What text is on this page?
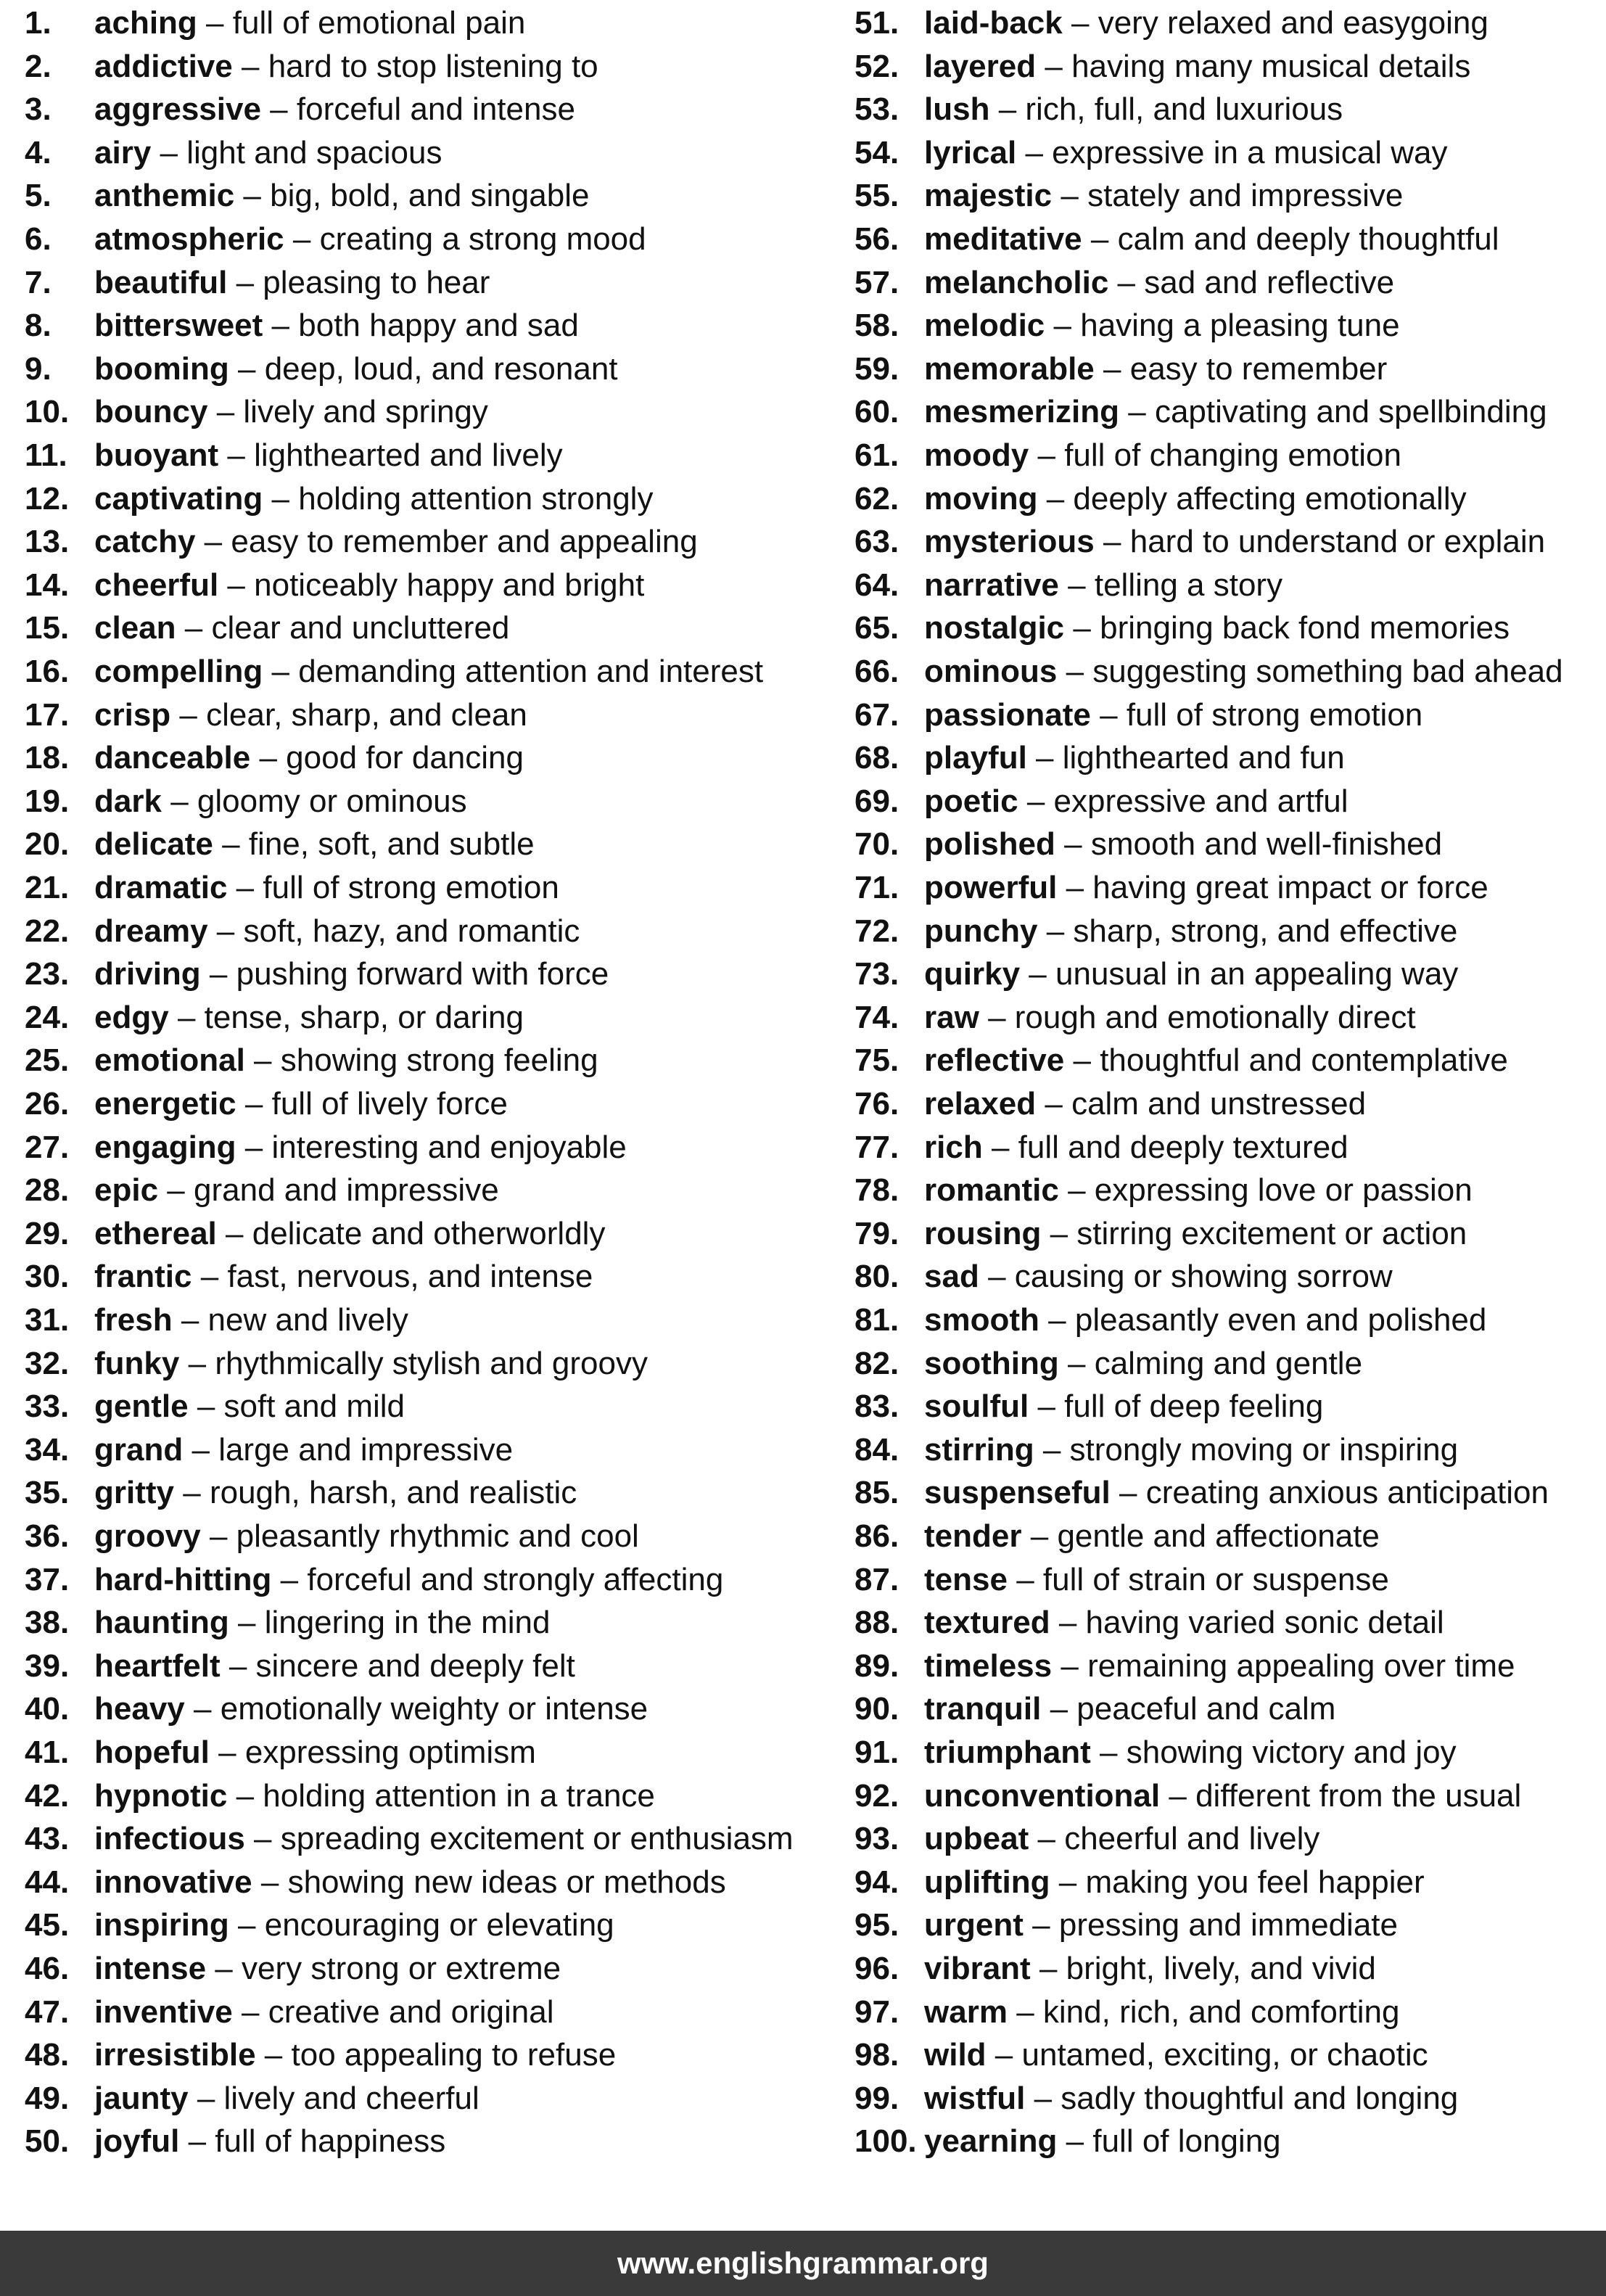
1. aching – full of emotional pain
2. addictive – hard to stop listening to
3. aggressive – forceful and intense
4. airy – light and spacious
5. anthemic – big, bold, and singable
6. atmospheric – creating a strong mood
7. beautiful – pleasing to hear
8. bittersweet – both happy and sad
9. booming – deep, loud, and resonant
10. bouncy – lively and springy
11. buoyant – lighthearted and lively
12. captivating – holding attention strongly
13. catchy – easy to remember and appealing
14. cheerful – noticeably happy and bright
15. clean – clear and uncluttered
16. compelling – demanding attention and interest
17. crisp – clear, sharp, and clean
18. danceable – good for dancing
19. dark – gloomy or ominous
20. delicate – fine, soft, and subtle
21. dramatic – full of strong emotion
22. dreamy – soft, hazy, and romantic
23. driving – pushing forward with force
24. edgy – tense, sharp, or daring
25. emotional – showing strong feeling
26. energetic – full of lively force
27. engaging – interesting and enjoyable
28. epic – grand and impressive
29. ethereal – delicate and otherworldly
30. frantic – fast, nervous, and intense
31. fresh – new and lively
32. funky – rhythmically stylish and groovy
33. gentle – soft and mild
34. grand – large and impressive
35. gritty – rough, harsh, and realistic
36. groovy – pleasantly rhythmic and cool
37. hard-hitting – forceful and strongly affecting
38. haunting – lingering in the mind
39. heartfelt – sincere and deeply felt
40. heavy – emotionally weighty or intense
41. hopeful – expressing optimism
42. hypnotic – holding attention in a trance
43. infectious – spreading excitement or enthusiasm
44. innovative – showing new ideas or methods
45. inspiring – encouraging or elevating
46. intense – very strong or extreme
47. inventive – creative and original
48. irresistible – too appealing to refuse
49. jaunty – lively and cheerful
50. joyful – full of happiness
51. laid-back – very relaxed and easygoing
52. layered – having many musical details
53. lush – rich, full, and luxurious
54. lyrical – expressive in a musical way
55. majestic – stately and impressive
56. meditative – calm and deeply thoughtful
57. melancholic – sad and reflective
58. melodic – having a pleasing tune
59. memorable – easy to remember
60. mesmerizing – captivating and spellbinding
61. moody – full of changing emotion
62. moving – deeply affecting emotionally
63. mysterious – hard to understand or explain
64. narrative – telling a story
65. nostalgic – bringing back fond memories
66. ominous – suggesting something bad ahead
67. passionate – full of strong emotion
68. playful – lighthearted and fun
69. poetic – expressive and artful
70. polished – smooth and well-finished
71. powerful – having great impact or force
72. punchy – sharp, strong, and effective
73. quirky – unusual in an appealing way
74. raw – rough and emotionally direct
75. reflective – thoughtful and contemplative
76. relaxed – calm and unstressed
77. rich – full and deeply textured
78. romantic – expressing love or passion
79. rousing – stirring excitement or action
80. sad – causing or showing sorrow
81. smooth – pleasantly even and polished
82. soothing – calming and gentle
83. soulful – full of deep feeling
84. stirring – strongly moving or inspiring
85. suspenseful – creating anxious anticipation
86. tender – gentle and affectionate
87. tense – full of strain or suspense
88. textured – having varied sonic detail
89. timeless – remaining appealing over time
90. tranquil – peaceful and calm
91. triumphant – showing victory and joy
92. unconventional – different from the usual
93. upbeat – cheerful and lively
94. uplifting – making you feel happier
95. urgent – pressing and immediate
96. vibrant – bright, lively, and vivid
97. warm – kind, rich, and comforting
98. wild – untamed, exciting, or chaotic
99. wistful – sadly thoughtful and longing
100. yearning – full of longing
www.englishgrammar.org
